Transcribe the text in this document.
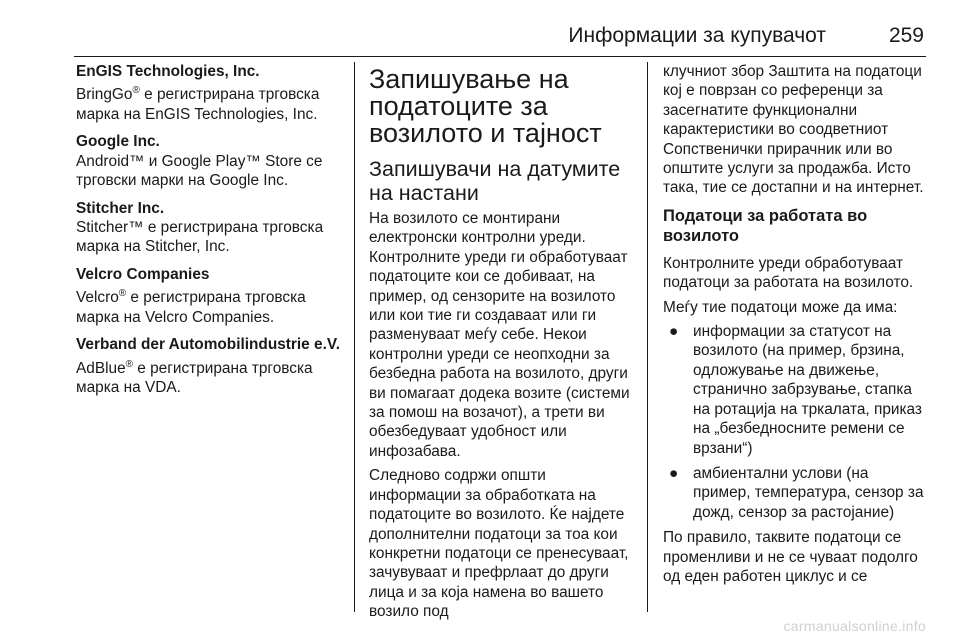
Информации за купувачот	259

EnGIS Technologies, Inc.

BringGo® е регистрирана трговска марка на EnGIS Technologies, Inc.

Google Inc.

Android™ и Google Play™ Store се трговски марки на Google Inc.

Stitcher Inc.

Stitcher™ е регистрирана трговска марка на Stitcher, Inc.

Velcro Companies

Velcro® е регистрирана трговска марка на Velcro Companies.

Verband der Automobilindustrie e.V.

AdBlue® е регистрирана трговска марка на VDA.

Запишување на податоците за возилото и тајност
Запишувачи на датумите на настани

На возилото се монтирани електронски контролни уреди. Контролните уреди ги обработуваат податоците кои се добиваат, на пример, од сензорите на возилото или кои тие ги создаваат или ги разменуваат меѓу себе. Некои контролни уреди се неопходни за безбедна работа на возилото, други ви помагаат додека возите (системи за помош на возачот), а трети ви обезбедуваат удобност или инфозабава.

Следново содржи општи информации за обработката на податоците во возилото. Ќе најдете дополнителни податоци за тоа кои конкретни податоци се пренесуваат, зачувуваат и префрлаат до други лица и за која намена во вашето возило под

клучниот збор Заштита на податоци кој е поврзан со референци за засегнатите функционални карактеристики во соодветниот Сопственички прирачник или во општите услуги за продажба. Исто така, тие се достапни и на интернет.

Податоци за работата во возилото

Контролните уреди обработуваат податоци за работата на возилото.

Меѓу тие податоци може да има:

● информации за статусот на возилото (на пример, брзина, одложување на движење, странично забрзување, стапка на ротација на тркалата, приказ на „безбедносните ремени се врзани“)
● амбиентални услови (на пример, температура, сензор за дожд, сензор за растојание)

По правило, таквите податоци се променливи и не се чуваат подолго од еден работен циклус и се

carmanualsonline.info
